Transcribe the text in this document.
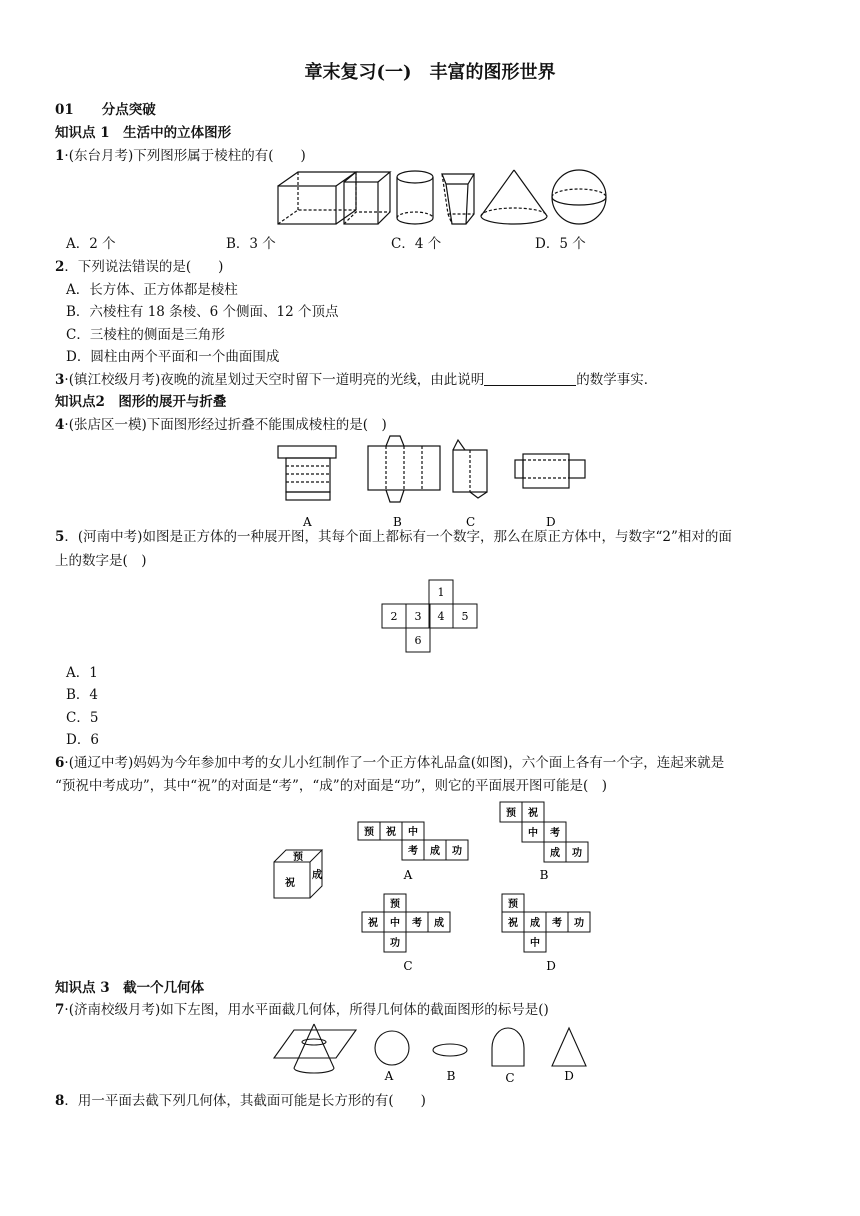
章末复习(一)　丰富的图形世界
01 分点突破
知识点 1　生活中的立体图形
1·(东台月考)下列图形属于棱柱的有(　　)
A．2 个	B．3 个	C．4 个	D．5 个
2．下列说法错误的是(　　)
A．长方体、正方体都是棱柱
B．六棱柱有 18 条棱、6 个侧面、12 个顶点
C．三棱柱的侧面是三角形
D．圆柱由两个平面和一个曲面围成
3·(镇江校级月考)夜晚的流星划过天空时留下一道明亮的光线，由此说明	的数学事实．
知识点2　图形的展开与折叠
4·(张店区一模)下面图形经过折叠不能围成棱柱的是(　)
A	B	C	D
5．(河南中考)如图是正方体的一种展开图，其每个面上都标有一个数字，那么在原正方体中，与数字“2”相对的面
上的数字是(　)
1
2 3 4 5
6
A．1
B．4
C．5
D．6
6·(通辽中考)妈妈为今年参加中考的女儿小红制作了一个正方体礼品盒(如图)，六个面上各有一个字，连起来就是
“预祝中考成功”，其中“祝”的对面是“考”，“成”的对面是“功”，则它的平面展开图可能是(　)
预
祝
成
预 祝 中
考 成 功
预 祝
中 考
成 功
预
祝 中 考 成
功
预
祝 成 考 功
中
A	B
C	D
知识点 3　截一个几何体
7·(济南校级月考)如下左图，用水平面截几何体，所得几何体的截面图形的标号是()
A	B	C	D
8．用一平面去截下列几何体，其截面可能是长方形的有(　　)
